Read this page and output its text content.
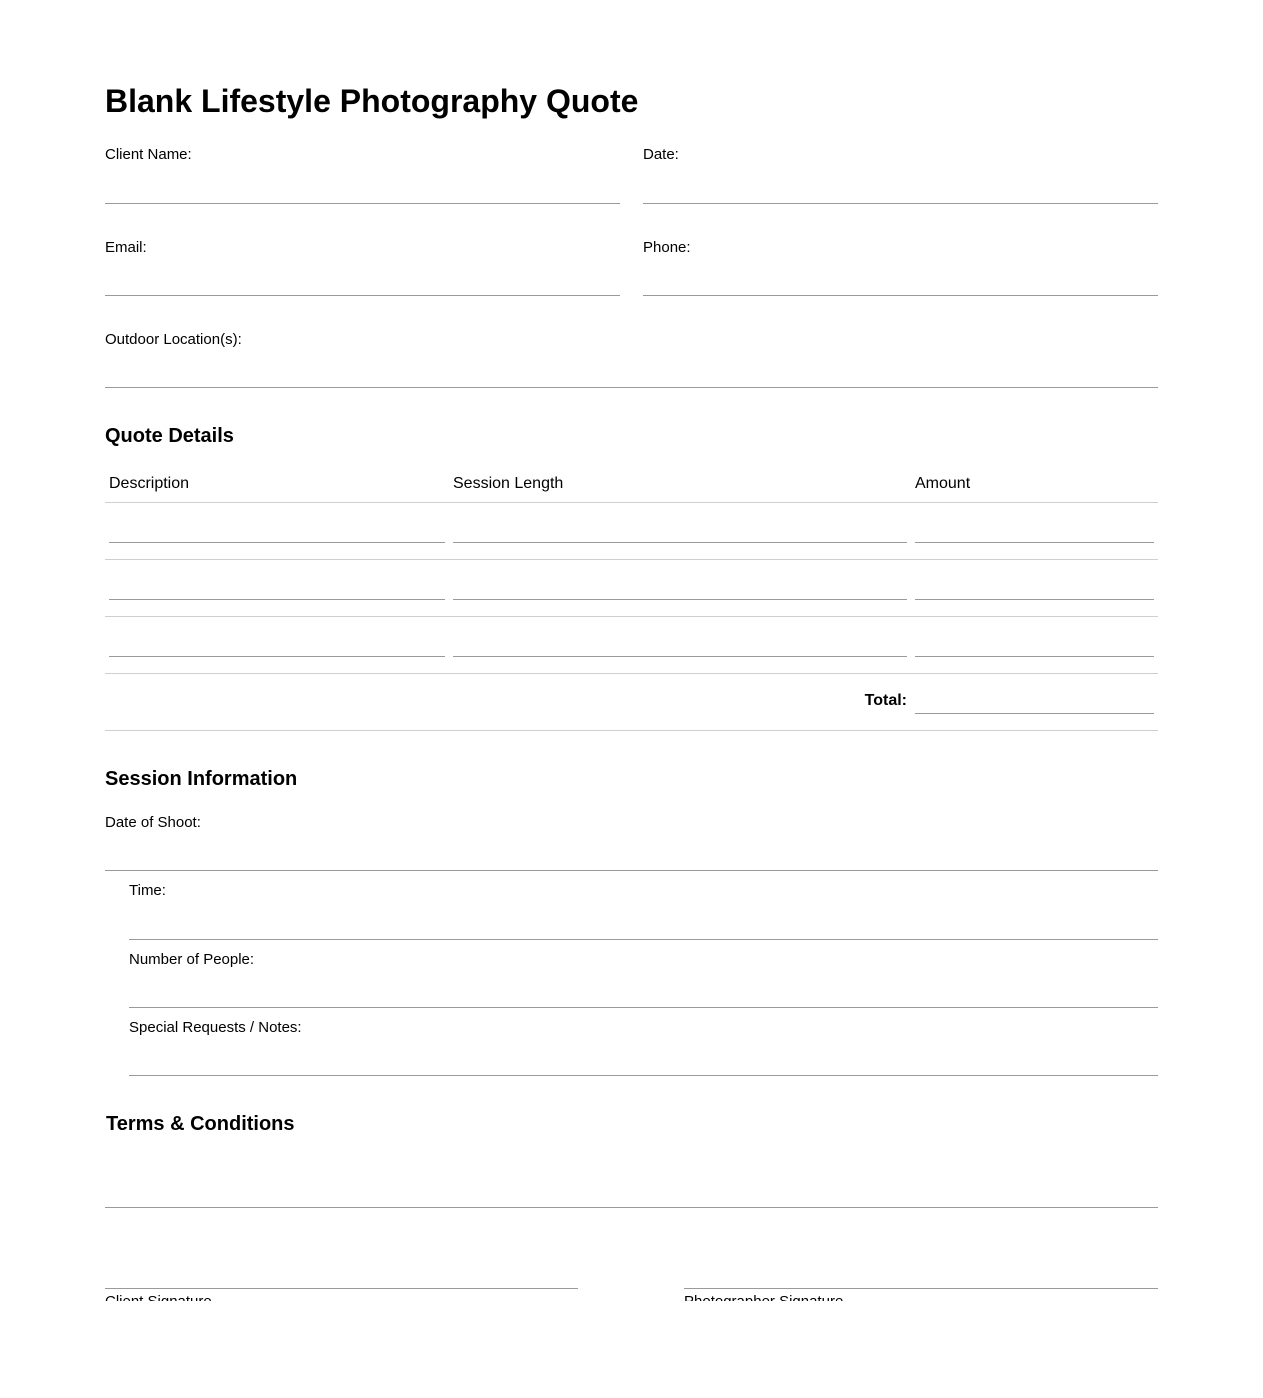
Blank Lifestyle Photography Quote
Client Name:	Date:
Email:	Phone:
Outdoor Location(s):
Quote Details
Description	Session Length	Amount
Total:
Session Information
Date of Shoot:
Time:
Number of People:
Special Requests / Notes:
Terms & Conditions
